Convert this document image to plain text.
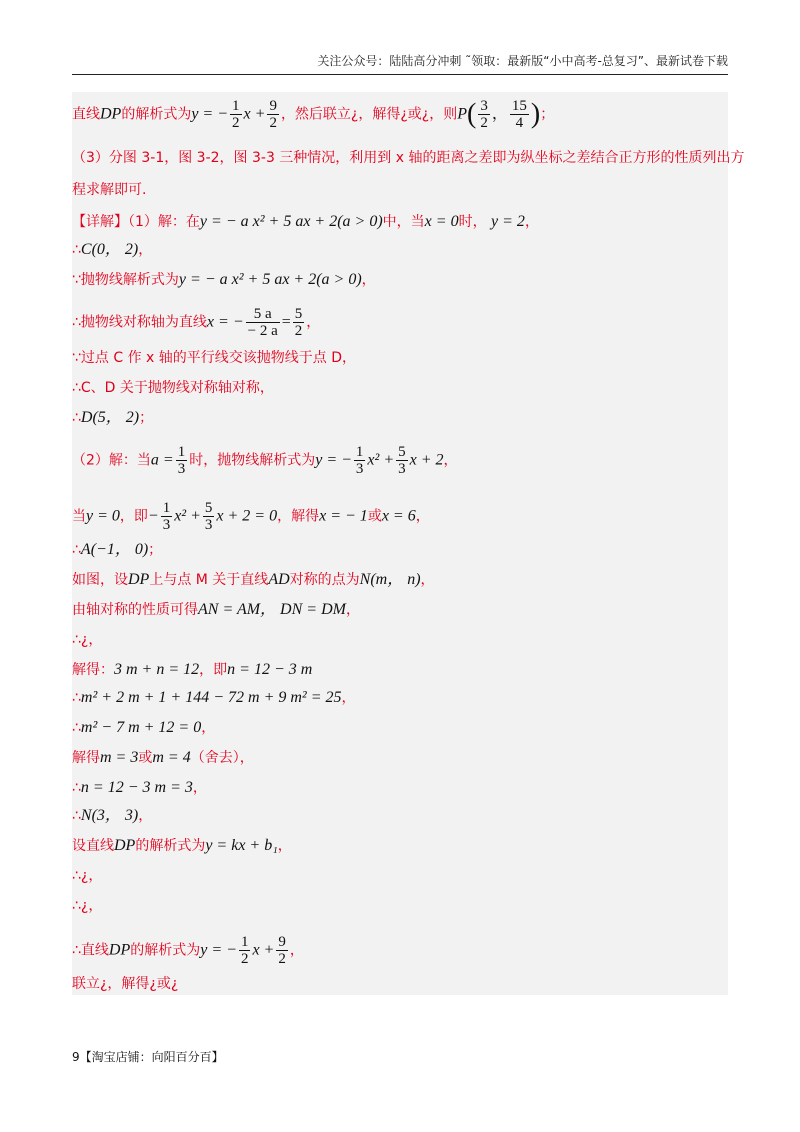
关注公众号：陆陆高分冲刺 ˜领取：最新版“小中高考-总复习”、最新试卷下载
直线DP的解析式为y = − $\frac{1}{2}$ $x + \frac{9}{2}$ ，然后联立¿，解得¿或¿，则$P( \frac{3}{2}$ ， $\frac{15}{4}$ )；
（3）分图 3-1，图 3-2，图 3-3 三种情况，利用到 x 轴的距离之差即为纵坐标之差结合正方形的性质列出方
程求解即可.
【详解】（1）解：在y = − a x² + 5 ax + 2(a > 0)中，当x = 0时， y = 2，
∴C(0， 2)，
∵抛物线解析式为y = − a x² + 5 ax + 2(a > 0)，
∴抛物线对称轴为直线x = − $\frac{5 a}{- 2 a} = \frac{5}{2}$ ，
∵过点 C 作 x 轴的平行线交该抛物线于点 D，
∴C、D 关于抛物线对称轴对称，
∴D(5， 2)；
（2）解：当$a = \frac{1}{3}$ 时，抛物线解析式为y = − $\frac{1}{3} x^2 + \frac{5}{3}$ x + 2，
当y = 0，即− $\frac{1}{3} x^2 + \frac{5}{3}$ x + 2 = 0，解得x = − 1或x = 6，
∴A(−1， 0)；
如图，设DP上与点 M 关于直线AD对称的点为N(m， n)，
由轴对称的性质可得AN = AM， DN = DM，
∴¿，
解得：3 m + n = 12，即n = 12 − 3 m
∴m² + 2 m + 1 + 144 − 72 m + 9 m² = 25，
∴m² − 7 m + 12 = 0，
解得m = 3或m = 4（舍去），
∴n = 12 − 3 m = 3，
∴N(3， 3)，
设直线DP的解析式为y = kx + b₁，
∴¿，
∴¿，
∴直线DP的解析式为y = − $\frac{1}{2}$ $x + \frac{9}{2}$ ，
联立¿，解得¿或¿
9【淘宝店铺：向阳百分百】
